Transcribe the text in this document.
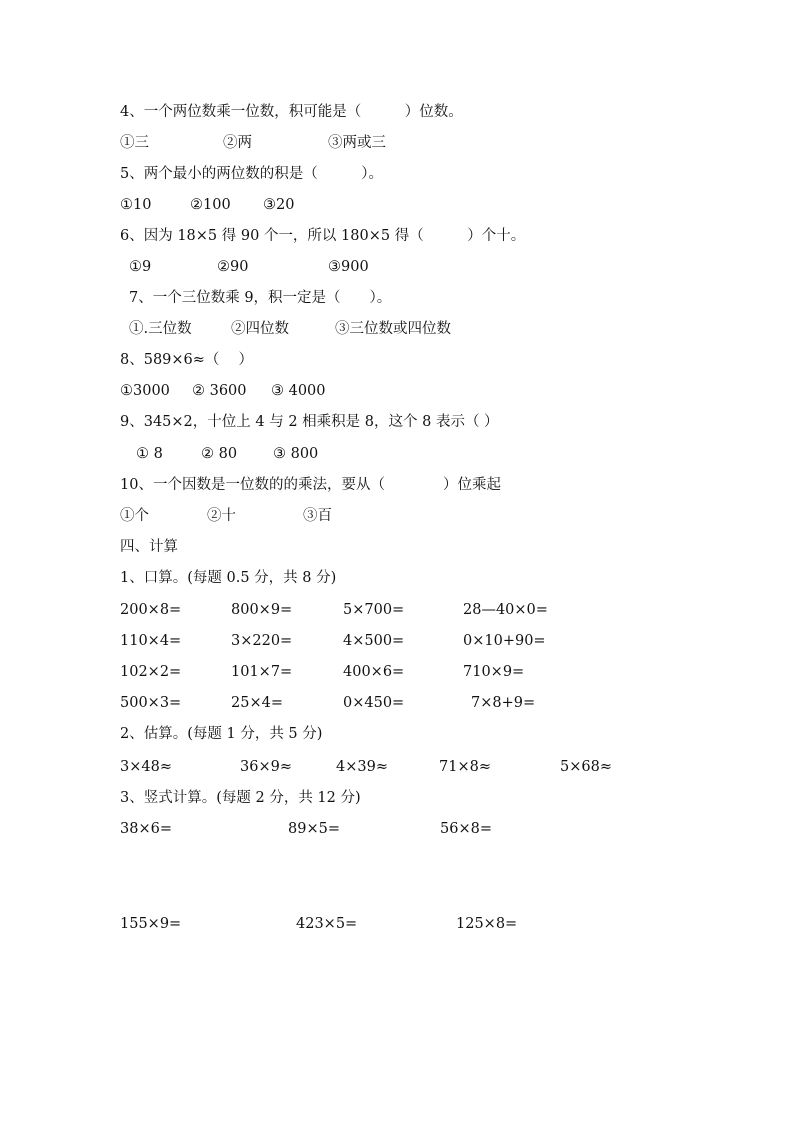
4、一个两位数乘一位数，积可能是（　　　）位数。
①三	②两	③两或三
5、两个最小的两位数的积是（　　　）。
①10	②100 ③20
6、因为 18×5 得 90 个一，所以 180×5 得（　　　）个十。
①9	②90	③900
7、一个三位数乘 9，积一定是（　　）。
①.三位数	②四位数	③三位数或四位数
8、589×6≈（　 ）
①3000 ② 3600 ③ 4000
9、345×2，十位上 4 与 2 相乘积是 8，这个 8 表示（ ）
① 8	② 80 ③ 800
10、一个因数是一位数的的乘法，要从（　　　　）位乘起
①个	②十	③百
四、计算
1、口算。(每题 0.5 分，共 8 分)
200×8=	800×9=	5×700=	28—40×0=
110×4=	3×220=	4×500=	0×10+90=
102×2=	101×7=	400×6=	710×9=
500×3=	25×4=	0×450=	7×8+9=
2、估算。(每题 1 分，共 5 分)
3×48≈	36×9≈	4×39≈	71×8≈	5×68≈
3、竖式计算。(每题 2 分，共 12 分)
38×6=	89×5=	56×8=
155×9=	423×5=	125×8=
